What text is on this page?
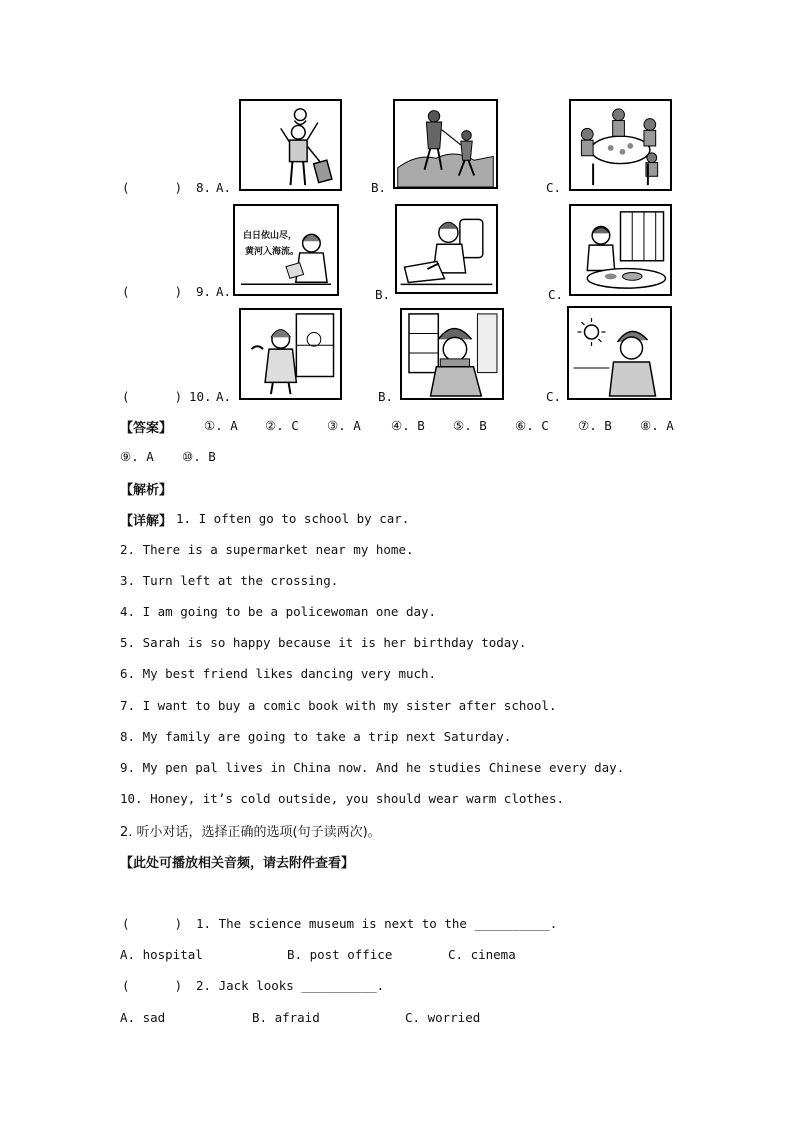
(      ) 8. A.	B.	C.
(      ) 9. A.
白日依山尽，
黄河入海流。
B.	C.
(      ) 10. A.	B.	C.
【答案】	①. A ②. C ③. A ④. B ⑤. B ⑥. C ⑦. B ⑧. A
⑨. A ⑩. B
【解析】
【详解】 1. I often go to school by car.
2. There is a supermarket near my home.
3. Turn left at the crossing.
4. I am going to be a policewoman one day.
5. Sarah is so happy because it is her birthday today.
6. My best friend likes dancing very much.
7. I want to buy a comic book with my sister after school.
8. My family are going to take a trip next Saturday.
9. My pen pal lives in China now. And he studies Chinese every day.
10. Honey, it’s cold outside, you should wear warm clothes.
2. 听小对话，选择正确的选项(句子读两次)。
【此处可播放相关音频，请去附件查看】
(      ) 1. The science museum is next to the __________.
A. hospital	B. post office	C. cinema
(      ) 2. Jack looks __________.
A. sad	B. afraid	C. worried
